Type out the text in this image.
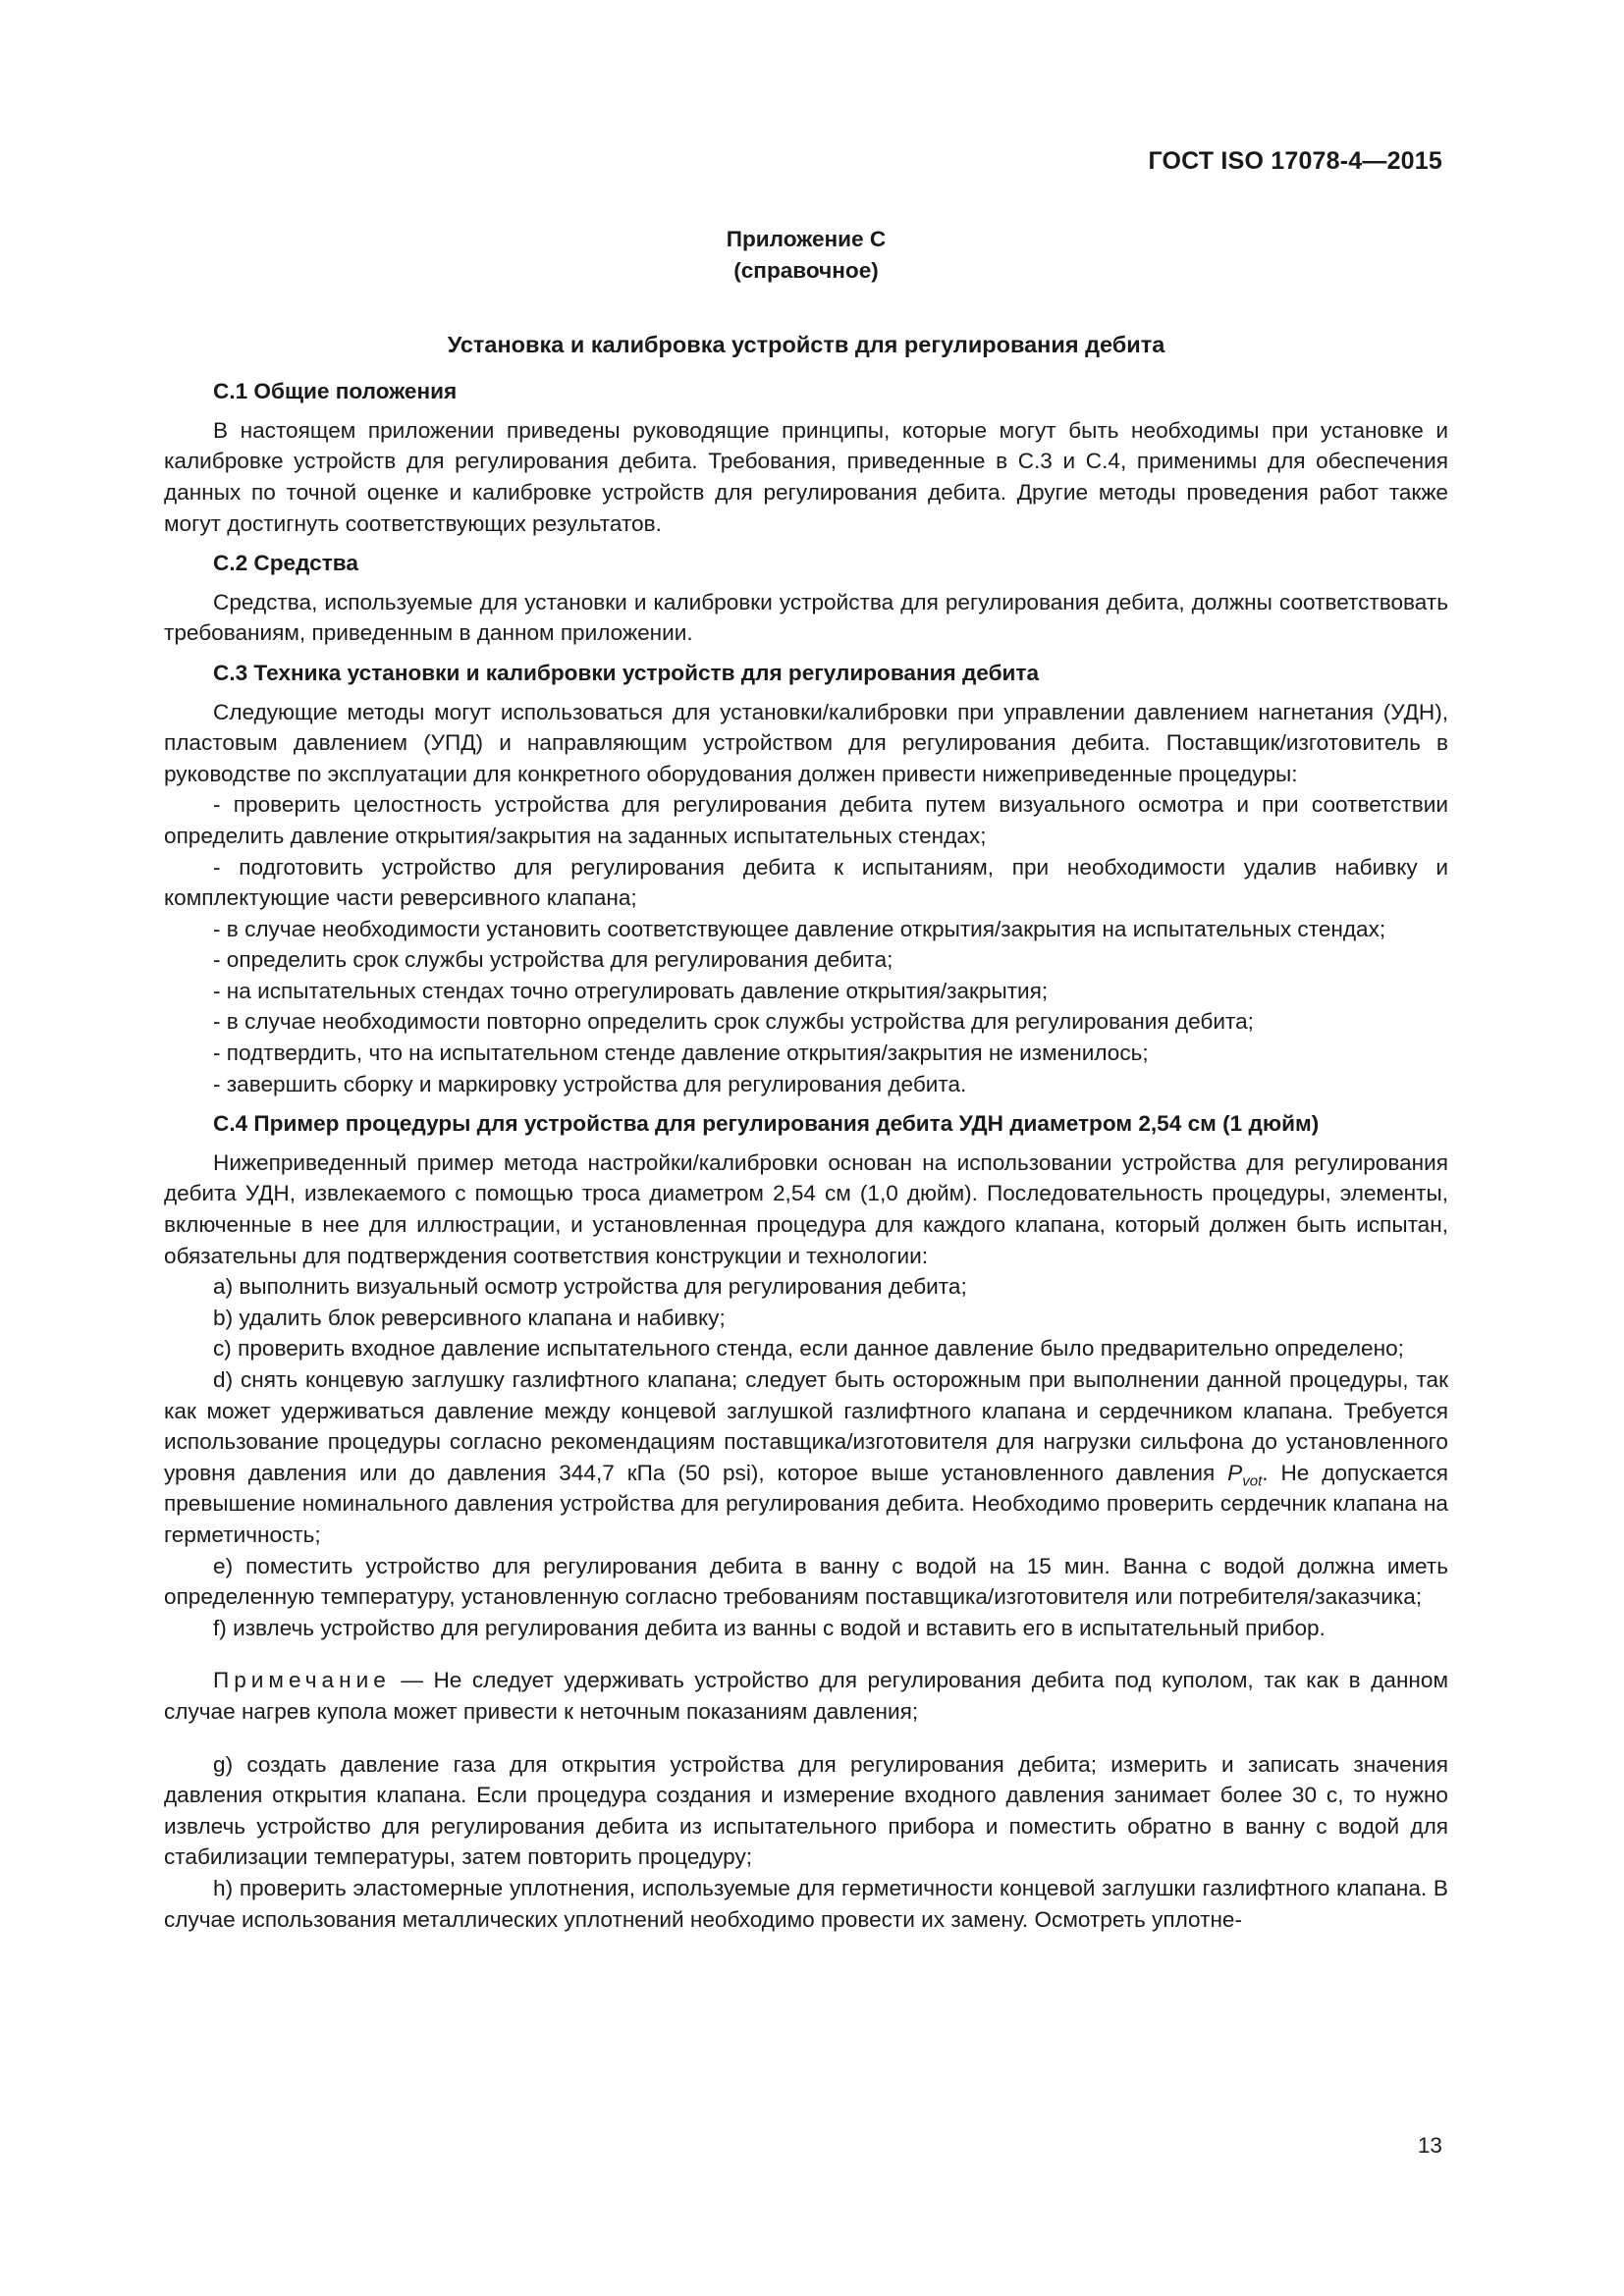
ГОСТ ISO 17078-4—2015
Приложение C
(справочное)
Установка и калибровка устройств для регулирования дебита
C.1 Общие положения

В настоящем приложении приведены руководящие принципы, которые могут быть необходимы при установке и калибровке устройств для регулирования дебита. Требования, приведенные в C.3 и C.4, применимы для обеспечения данных по точной оценке и калибровке устройств для регулирования дебита. Другие методы проведения работ также могут достигнуть соответствующих результатов.

C.2 Средства

Средства, используемые для установки и калибровки устройства для регулирования дебита, должны соответствовать требованиям, приведенным в данном приложении.

C.3 Техника установки и калибровки устройств для регулирования дебита

Следующие методы могут использоваться для установки/калибровки при управлении давлением нагнетания (УДН), пластовым давлением (УПД) и направляющим устройством для регулирования дебита. Поставщик/изготовитель в руководстве по эксплуатации для конкретного оборудования должен привести нижеприведенные процедуры:

- проверить целостность устройства для регулирования дебита путем визуального осмотра и при соответствии определить давление открытия/закрытия на заданных испытательных стендах;

- подготовить устройство для регулирования дебита к испытаниям, при необходимости удалив набивку и комплектующие части реверсивного клапана;

- в случае необходимости установить соответствующее давление открытия/закрытия на испытательных стендах;

- определить срок службы устройства для регулирования дебита;

- на испытательных стендах точно отрегулировать давление открытия/закрытия;

- в случае необходимости повторно определить срок службы устройства для регулирования дебита;

- подтвердить, что на испытательном стенде давление открытия/закрытия не изменилось;

- завершить сборку и маркировку устройства для регулирования дебита.

C.4 Пример процедуры для устройства для регулирования дебита УДН диаметром 2,54 см (1 дюйм)

Нижеприведенный пример метода настройки/калибровки основан на использовании устройства для регулирования дебита УДН, извлекаемого с помощью троса диаметром 2,54 см (1,0 дюйм). Последовательность процедуры, элементы, включенные в нее для иллюстрации, и установленная процедура для каждого клапана, который должен быть испытан, обязательны для подтверждения соответствия конструкции и технологии:

a) выполнить визуальный осмотр устройства для регулирования дебита;

b) удалить блок реверсивного клапана и набивку;

c) проверить входное давление испытательного стенда, если данное давление было предварительно определено;

d) снять концевую заглушку газлифтного клапана; следует быть осторожным при выполнении данной процедуры, так как может удерживаться давление между концевой заглушкой газлифтного клапана и сердечником клапана. Требуется использование процедуры согласно рекомендациям поставщика/изготовителя для нагрузки сильфона до установленного уровня давления или до давления 344,7 кПа (50 psi), которое выше установленного давления $P_{vot}$. Не допускается превышение номинального давления устройства для регулирования дебита. Необходимо проверить сердечник клапана на герметичность;

e) поместить устройство для регулирования дебита в ванну с водой на 15 мин. Ванна с водой должна иметь определенную температуру, установленную согласно требованиям поставщика/изготовителя или потребителя/заказчика;

f) извлечь устройство для регулирования дебита из ванны с водой и вставить его в испытательный прибор.

Примечание — Не следует удерживать устройство для регулирования дебита под куполом, так как в данном случае нагрев купола может привести к неточным показаниям давления;

g) создать давление газа для открытия устройства для регулирования дебита; измерить и записать значения давления открытия клапана. Если процедура создания и измерение входного давления занимает более 30 с, то нужно извлечь устройство для регулирования дебита из испытательного прибора и поместить обратно в ванну с водой для стабилизации температуры, затем повторить процедуру;

h) проверить эластомерные уплотнения, используемые для герметичности концевой заглушки газлифтного клапана. В случае использования металлических уплотнений необходимо провести их замену. Осмотреть уплотне-

13
